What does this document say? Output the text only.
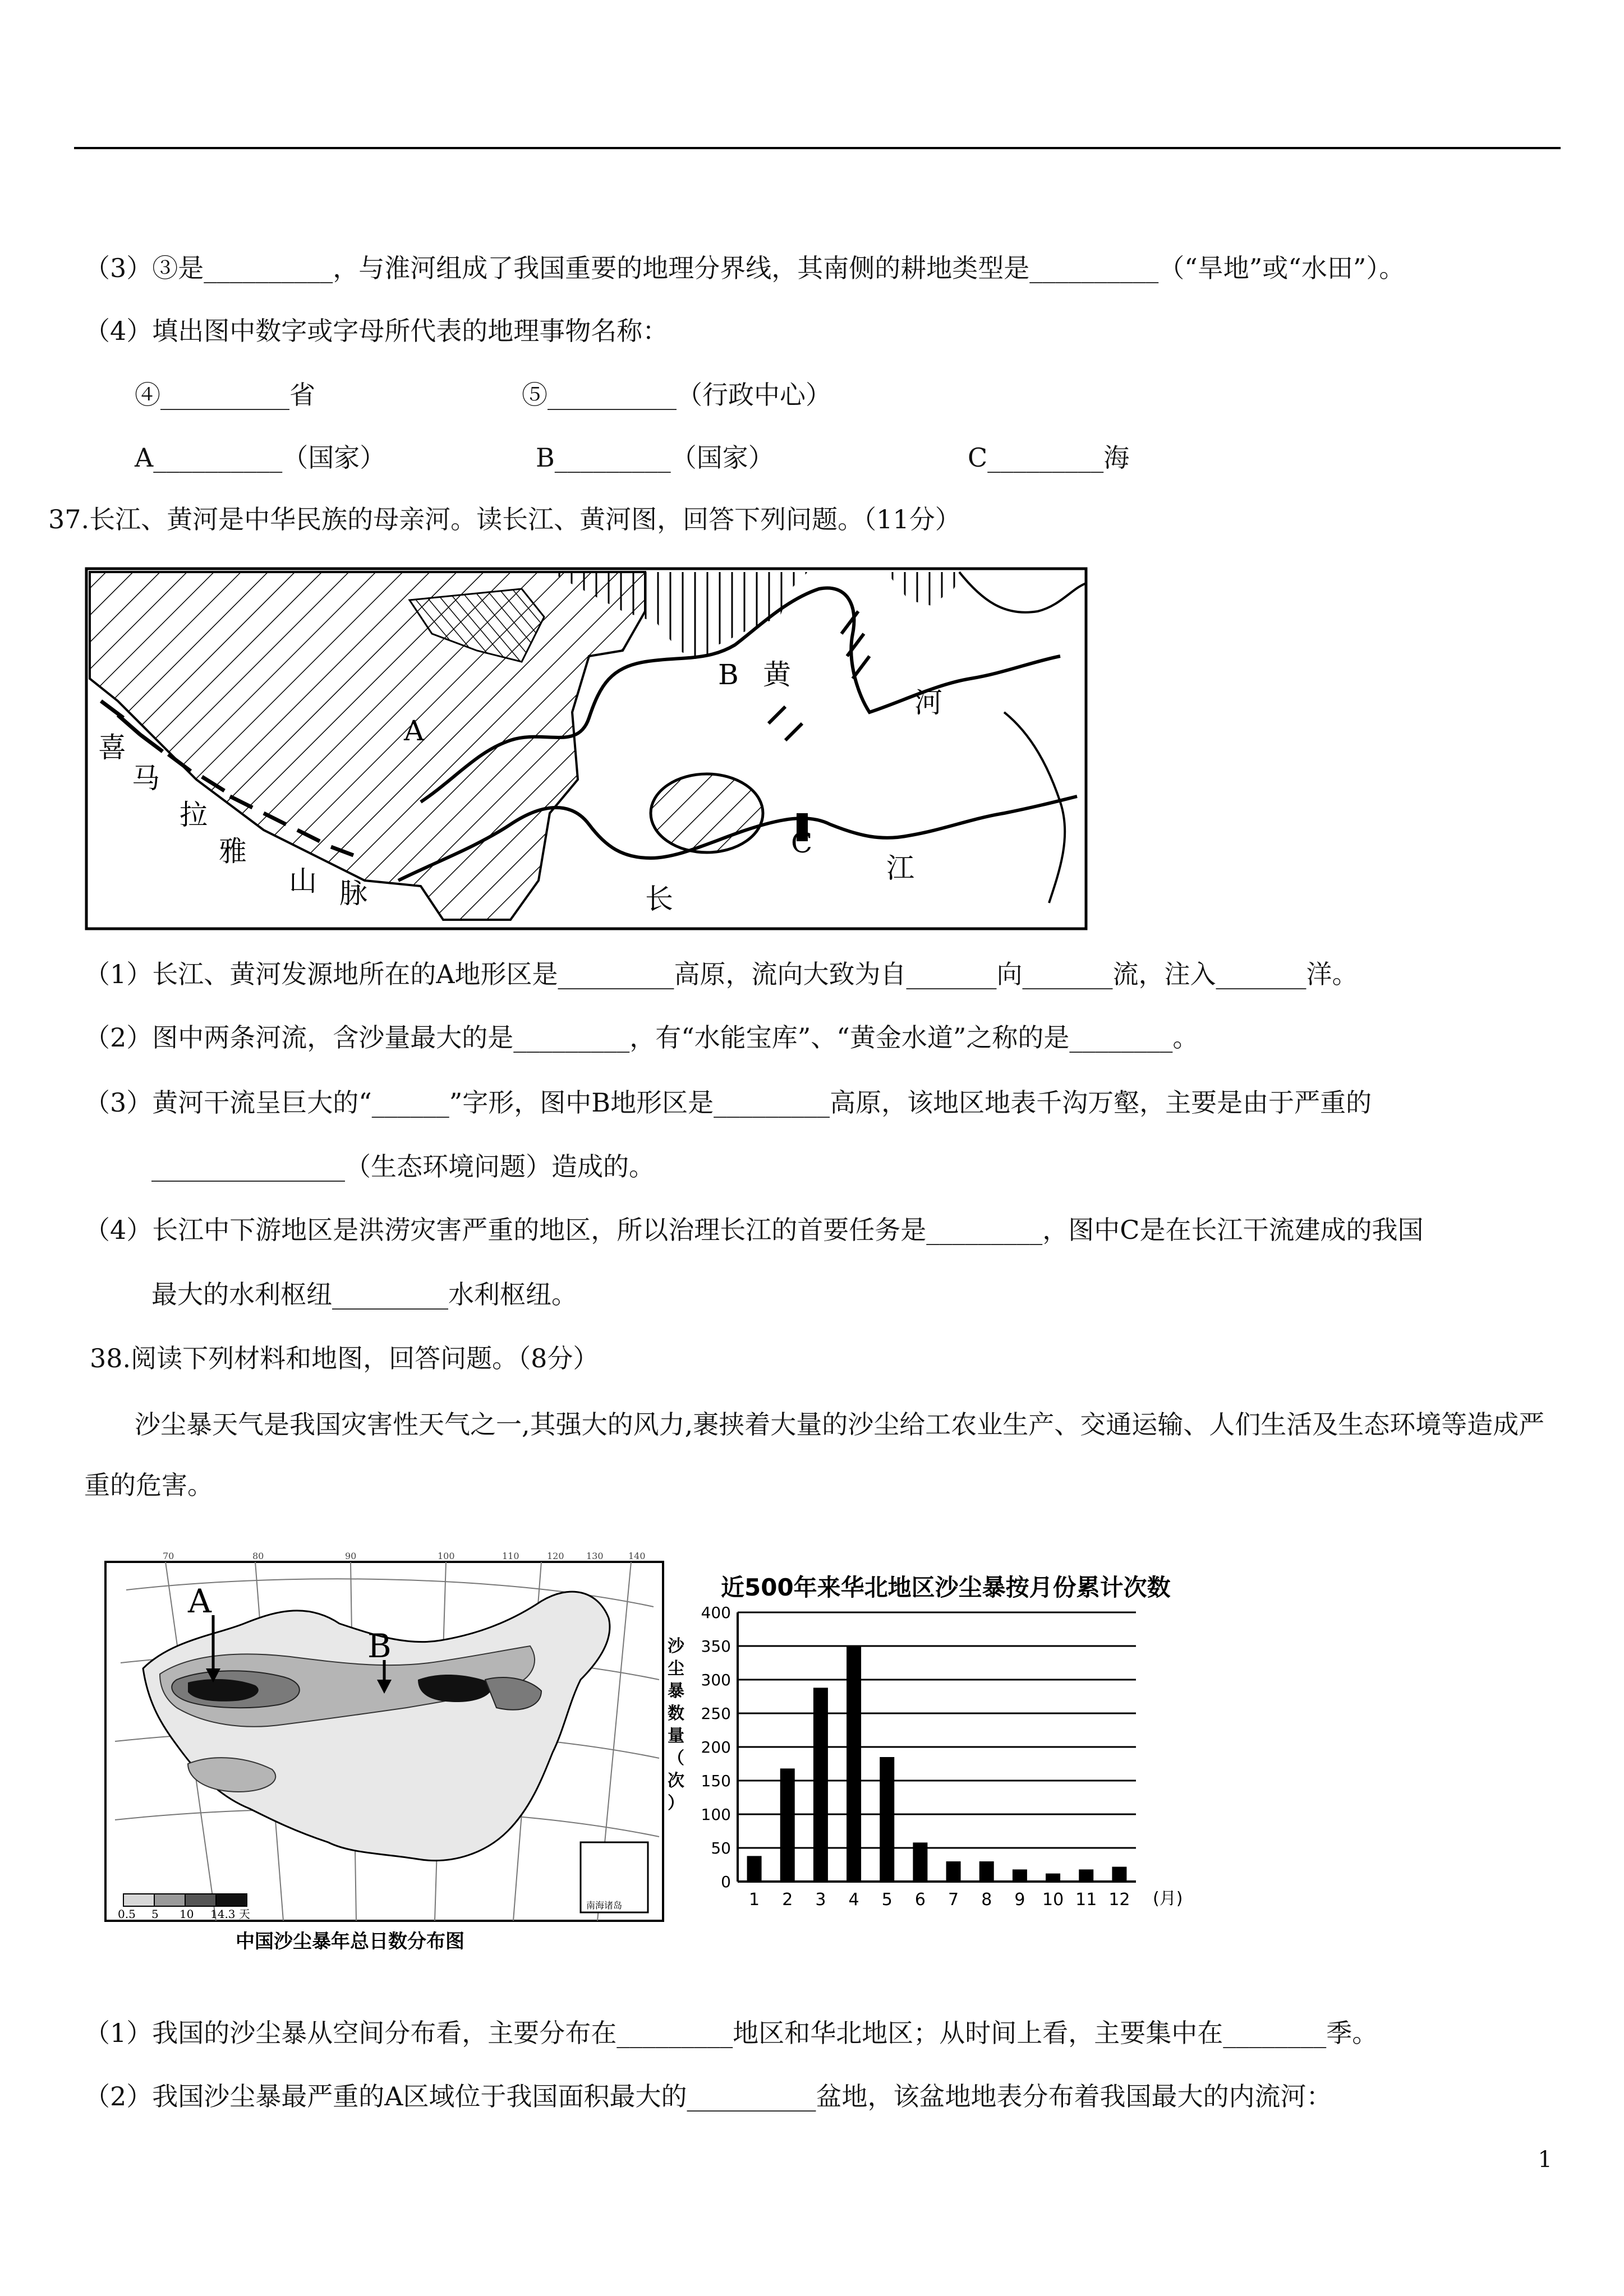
（3）③是__________，与淮河组成了我国重要的地理分界线，其南侧的耕地类型是__________（“旱地”或“水田”）。
（4）填出图中数字或字母所代表的地理事物名称：
④__________省	⑤__________（行政中心）
A__________（国家）	B_________（国家）	C_________海
37.长江、黄河是中华民族的母亲河。读长江、黄河图，回答下列问题。（11分）
喜
马
拉
雅
山 脉
A
B 黄
河
C
江
长
（1）长江、黄河发源地所在的A地形区是_________高原，流向大致为自_______向_______流，注入_______洋。
（2）图中两条河流，含沙量最大的是_________，有“水能宝库”、“黄金水道”之称的是________。
（3）黄河干流呈巨大的“______”字形，图中B地形区是_________高原，该地区地表千沟万壑，主要是由于严重的
_______________（生态环境问题）造成的。
（4）长江中下游地区是洪涝灾害严重的地区，所以治理长江的首要任务是_________，图中C是在长江干流建成的我国
最大的水利枢纽_________水利枢纽。
38.阅读下列材料和地图，回答问题。（8分）
沙尘暴天气是我国灾害性天气之一,其强大的风力,裹挟着大量的沙尘给工农业生产、交通运输、人们生活及生态环境等造成严重的危害。
70	80	90	100	110	120 130	140
A
B
南海诸岛
0.5 5 10 14.3 天
中国沙尘暴年总日数分布图
近500年来华北地区沙尘暴按月份累计次数
0
50
100
150
200
250
300
350
400
1 2 3 4 5 6 7 8 9 10 11 12
沙尘暴数量（次）
(月)
（1）我国的沙尘暴从空间分布看，主要分布在_________地区和华北地区；从时间上看，主要集中在________季。
（2）我国沙尘暴最严重的A区域位于我国面积最大的__________盆地，该盆地地表分布着我国最大的内流河：
1
